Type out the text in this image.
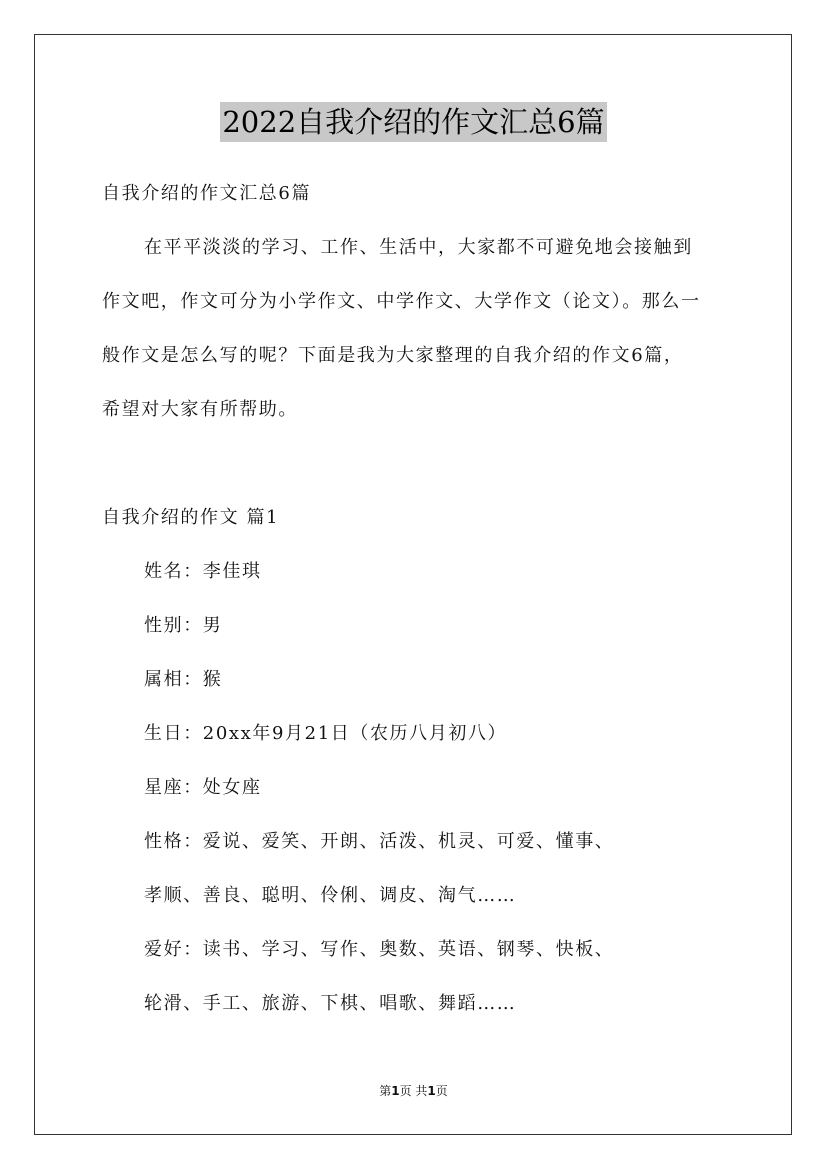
2022自我介绍的作文汇总6篇
自我介绍的作文汇总6篇
在平平淡淡的学习、工作、生活中，大家都不可避免地会接触到
作文吧，作文可分为小学作文、中学作文、大学作文（论文）。那么一
般作文是怎么写的呢？下面是我为大家整理的自我介绍的作文6篇，
希望对大家有所帮助。
自我介绍的作文 篇1
姓名：李佳琪
性别：男
属相：猴
生日：20xx年9月21日（农历八月初八）
星座：处女座
性格：爱说、爱笑、开朗、活泼、机灵、可爱、懂事、
孝顺、善良、聪明、伶俐、调皮、淘气……
爱好：读书、学习、写作、奥数、英语、钢琴、快板、
轮滑、手工、旅游、下棋、唱歌、舞蹈……
第1页 共1页
